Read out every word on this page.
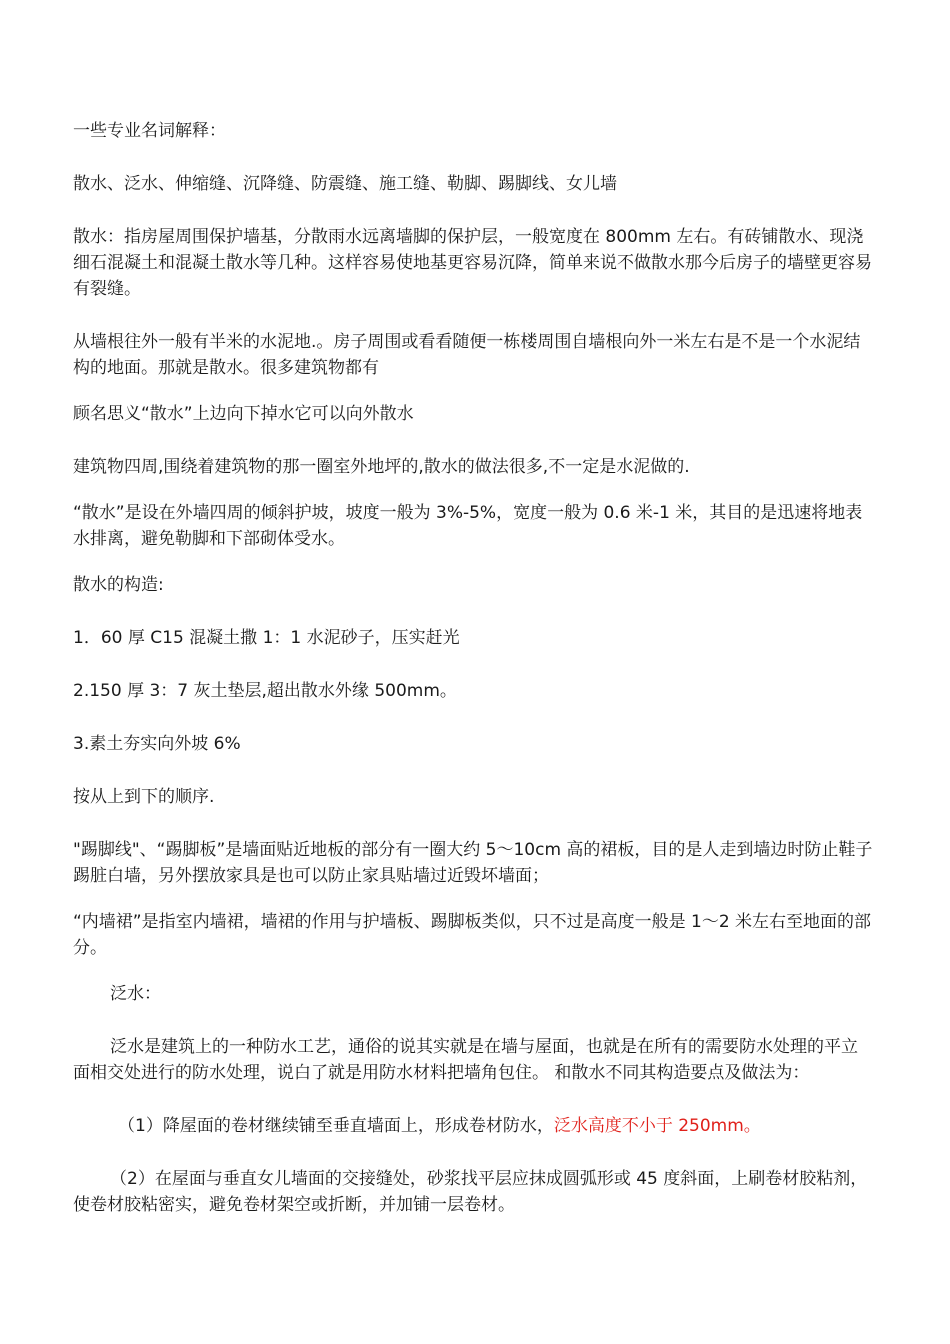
一些专业名词解释：

散水、泛水、伸缩缝、沉降缝、防震缝、施工缝、勒脚、踢脚线、女儿墙

散水：指房屋周围保护墙基，分散雨水远离墙脚的保护层，一般宽度在 800mm 左右。有砖铺散水、现浇细石混凝土和混凝土散水等几种。这样容易使地基更容易沉降，简单来说不做散水那今后房子的墙壁更容易有裂缝。

从墙根往外一般有半米的水泥地.。房子周围或看看随便一栋楼周围自墙根向外一米左右是不是一个水泥结构的地面。那就是散水。很多建筑物都有

顾名思义“散水”上边向下掉水它可以向外散水

建筑物四周,围绕着建筑物的那一圈室外地坪的,散水的做法很多,不一定是水泥做的.

“散水”是设在外墙四周的倾斜护坡，坡度一般为 3%-5%，宽度一般为 0.6 米-1 米，其目的是迅速将地表水排离，避免勒脚和下部砌体受水。

散水的构造:

1．60 厚 C15 混凝土撒 1：1 水泥砂子，压实赶光

2.150 厚 3：7 灰土垫层,超出散水外缘 500mm。

3.素土夯实向外坡 6%

按从上到下的顺序.

"踢脚线"、“踢脚板”是墙面贴近地板的部分有一圈大约 5～10cm 高的裙板，目的是人走到墙边时防止鞋子踢脏白墙，另外摆放家具是也可以防止家具贴墙过近毁坏墙面；

“内墙裙”是指室内墙裙，墙裙的作用与护墙板、踢脚板类似，只不过是高度一般是 1～2 米左右至地面的部分。

泛水：

泛水是建筑上的一种防水工艺，通俗的说其实就是在墙与屋面，也就是在所有的需要防水处理的平立面相交处进行的防水处理，说白了就是用防水材料把墙角包住。 和散水不同其构造要点及做法为：

（1）降屋面的卷材继续铺至垂直墙面上，形成卷材防水，泛水高度不小于 250mm。

（2）在屋面与垂直女儿墙面的交接缝处，砂浆找平层应抹成圆弧形或 45 度斜面，上刷卷材胶粘剂，使卷材胶粘密实，避免卷材架空或折断，并加铺一层卷材。
